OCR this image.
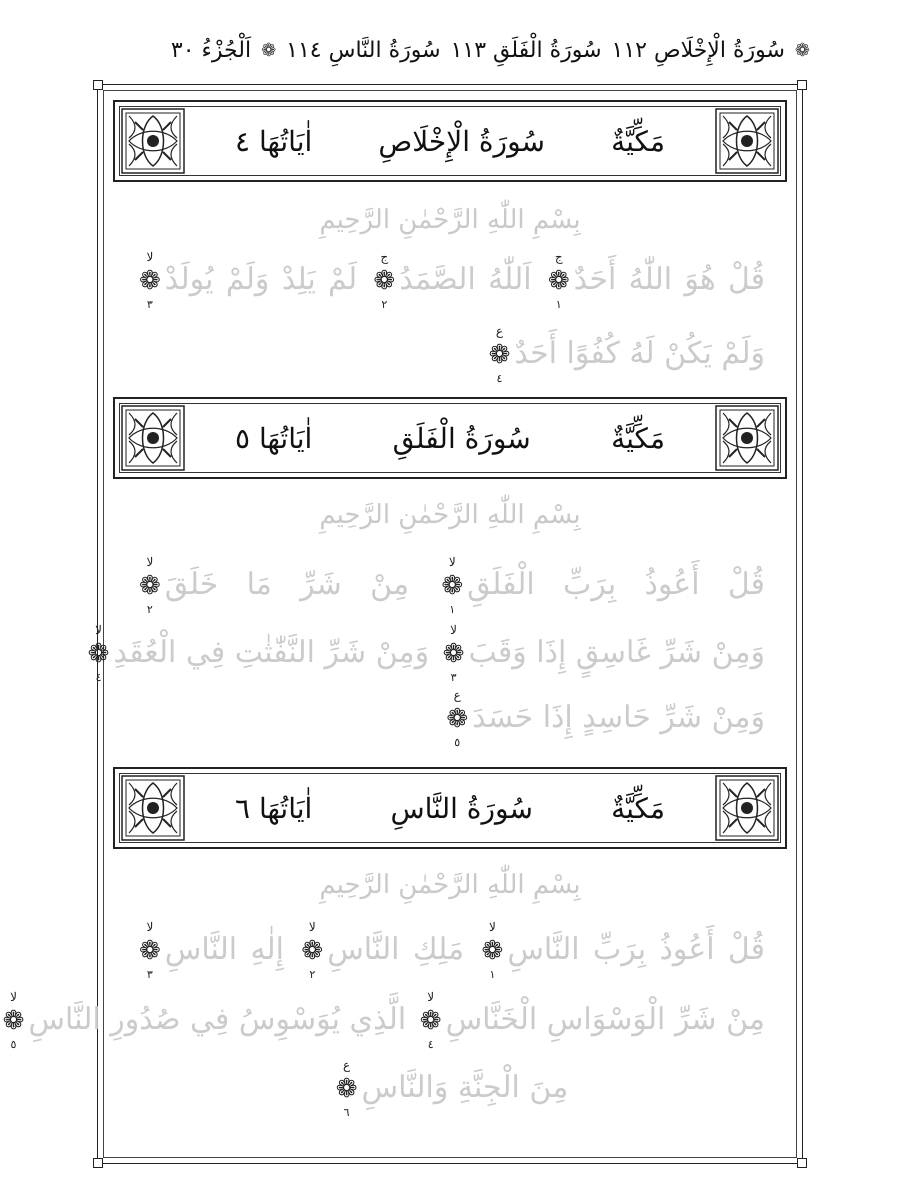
❁
سُورَةُ الْإِخْلَاصِ ١١٢
سُورَةُ الْفَلَقِ ١١٣
سُورَةُ النَّاسِ ١١٤
❁
اَلْجُزْءُ ٣٠
مَكِّيَّةٌ
سُورَةُ الْإِخْلَاصِ
اٰيَاتُهَا ٤
بِسْمِ اللّٰهِ الرَّحْمٰنِ الرَّحِيمِ
قُلْ هُوَ اللّٰهُ أَحَدٌ❁
ج
١
اَللّٰهُ الصَّمَدُ❁
ج
٢
لَمْ يَلِدْ وَلَمْ يُولَدْ❁
لا
٣
وَلَمْ يَكُنْ لَهُ كُفُوًا أَحَدٌ❁
ع
٤
مَكِّيَّةٌ
سُورَةُ الْفَلَقِ
اٰيَاتُهَا ٥
بِسْمِ اللّٰهِ الرَّحْمٰنِ الرَّحِيمِ
قُلْ أَعُوذُ بِرَبِّ الْفَلَقِ❁
لا
١
مِنْ شَرِّ مَا خَلَقَ❁
لا
٢
وَمِنْ شَرِّ غَاسِقٍ إِذَا وَقَبَ❁
لا
٣
وَمِنْ شَرِّ النَّفّٰثٰتِ فِي الْعُقَدِ❁
لا
٤
وَمِنْ شَرِّ حَاسِدٍ إِذَا حَسَدَ❁
ع
٥
مَكِّيَّةٌ
سُورَةُ النَّاسِ
اٰيَاتُهَا ٦
بِسْمِ اللّٰهِ الرَّحْمٰنِ الرَّحِيمِ
قُلْ أَعُوذُ بِرَبِّ النَّاسِ❁
لا
١
مَلِكِ النَّاسِ❁
لا
٢
إِلٰهِ النَّاسِ❁
لا
٣
مِنْ شَرِّ الْوَسْوَاسِ الْخَنَّاسِ❁
لا
٤
الَّذِي يُوَسْوِسُ فِي صُدُورِ النَّاسِ❁
لا
٥
مِنَ الْجِنَّةِ وَالنَّاسِ❁
ع
٦
